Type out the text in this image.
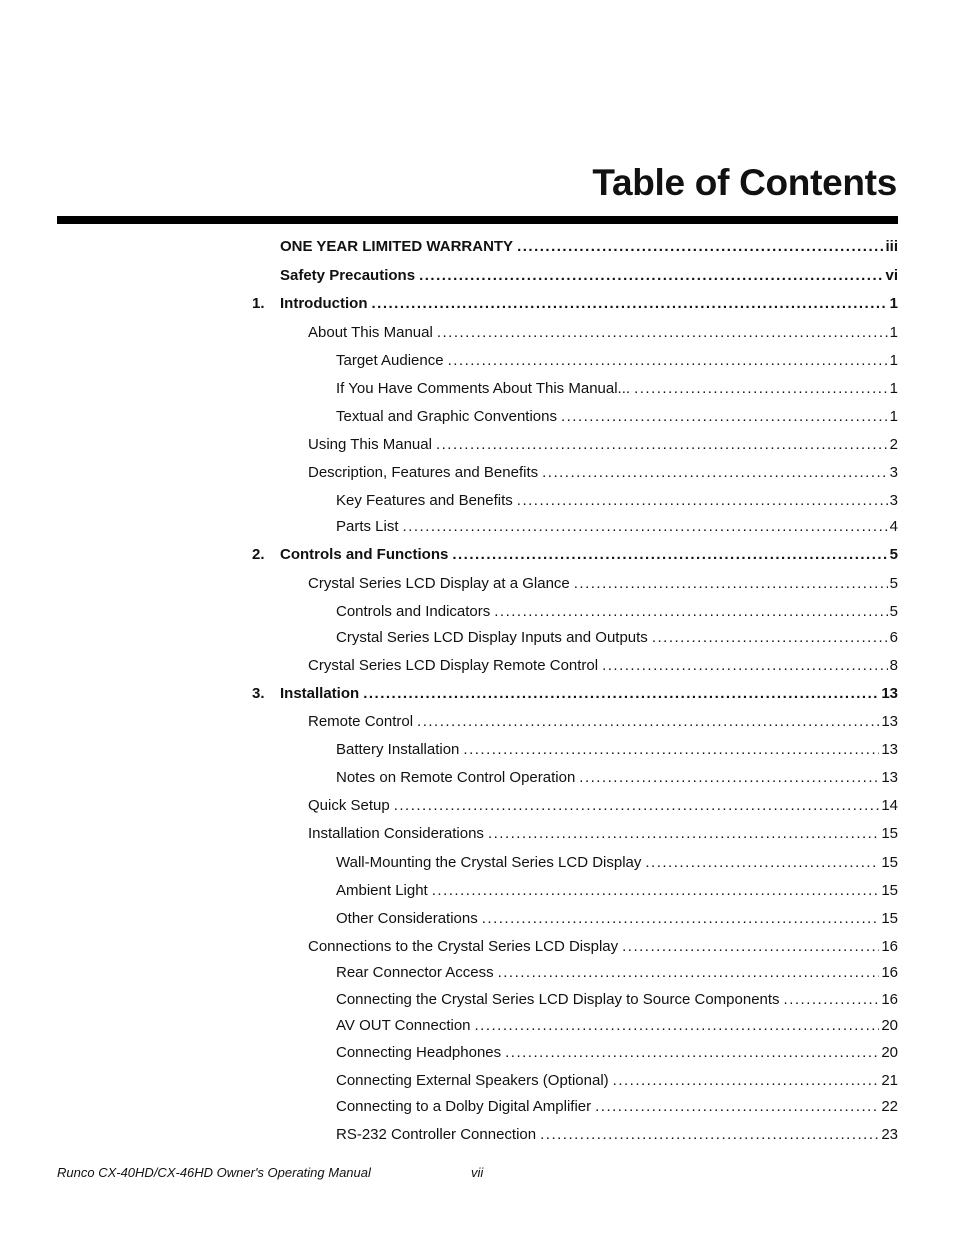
Table of Contents
ONE YEAR LIMITED WARRANTY .....	iii
Safety Precautions .....	vi
1. Introduction .....	1
About This Manual .....	1
Target Audience .....	1
If You Have Comments About This Manual... .....	1
Textual and Graphic Conventions .....	1
Using This Manual .....	2
Description, Features and Benefits .....	3
Key Features and Benefits .....	3
Parts List .....	4
2. Controls and Functions .....	5
Crystal Series LCD Display at a Glance .....	5
Controls and Indicators .....	5
Crystal Series LCD Display Inputs and Outputs .....	6
Crystal Series LCD Display Remote Control .....	8
3. Installation .....	13
Remote Control .....	13
Battery Installation .....	13
Notes on Remote Control Operation .....	13
Quick Setup .....	14
Installation Considerations .....	15
Wall-Mounting the Crystal Series LCD Display .....	15
Ambient Light .....	15
Other Considerations .....	15
Connections to the Crystal Series LCD Display .....	16
Rear Connector Access .....	16
Connecting the Crystal Series LCD Display to Source Components .....	16
AV OUT Connection .....	20
Connecting Headphones .....	20
Connecting External Speakers (Optional) .....	21
Connecting to a Dolby Digital Amplifier .....	22
RS-232 Controller Connection .....	23
Runco CX-40HD/CX-46HD Owner's Operating Manual	vii
